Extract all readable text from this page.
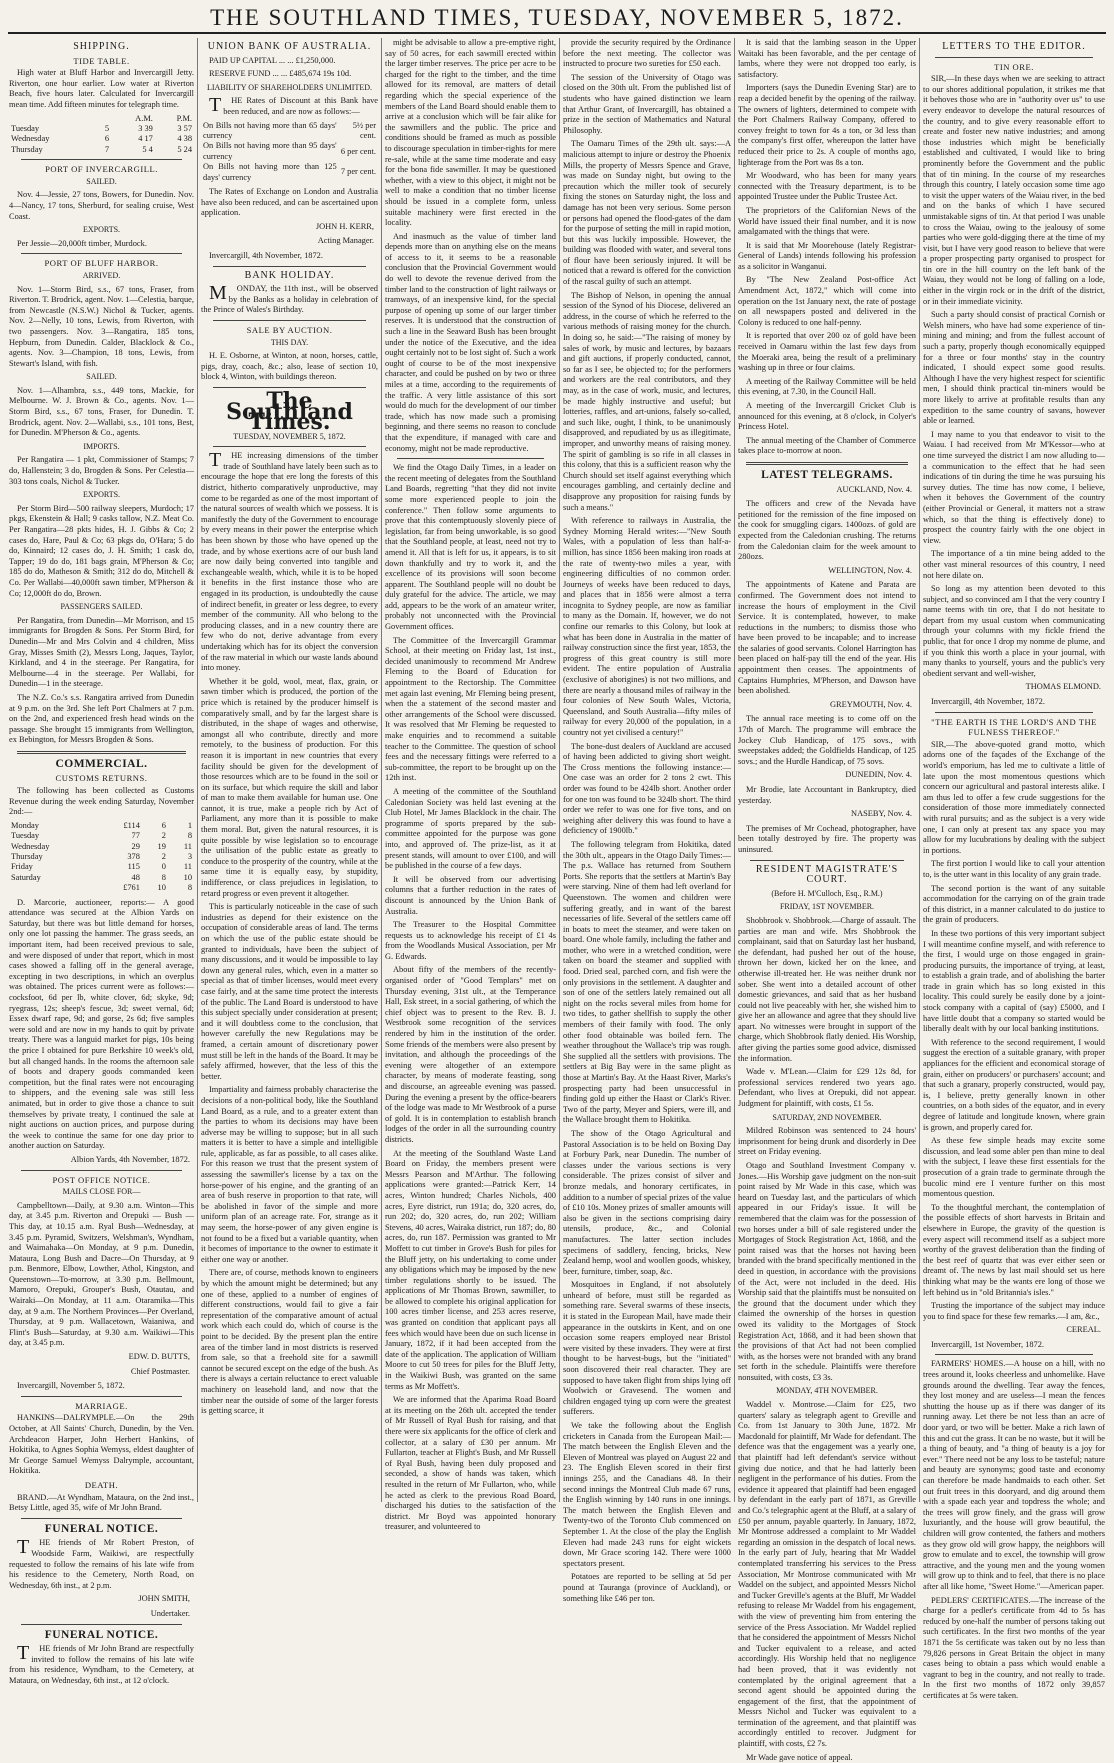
THE SOUTHLAND TIMES, TUESDAY, NOVEMBER 5, 1872.
SHIPPING.
TIDE TABLE.

High water at Bluff Harbor and Invercargill Jetty. Riverton, one hour earlier. Low water at Riverton Beach, five hours later. Calculated for Invercargill mean time. Add fifteen minutes for telegraph time.

		A.M.	P.M.
Tuesday	5	3 39	3 57
Wednesday	6	4 17	4 38
Thursday	7	5 4	5 24
PORT OF INVERCARGILL.
SAILED.

Nov. 4—Jessie, 27 tons, Bowers, for Dunedin. Nov. 4—Nancy, 17 tons, Sherburd, for sealing cruise, West Coast.

EXPORTS.

Per Jessie—20,000ft timber, Murdock.

PORT OF BLUFF HARBOR.
ARRIVED.

Nov. 1—Storm Bird, s.s., 67 tons, Fraser, from Riverton. T. Brodrick, agent. Nov. 1—Celestia, barque, from Newcastle (N.S.W.) Nichol & Tucker, agents. Nov. 2—Nelly, 10 tons, Lewis, from Riverton, with two passengers. Nov. 3—Rangatira, 185 tons, Hepburn, from Dunedin. Calder, Blacklock & Co., agents. Nov. 3—Champion, 18 tons, Lewis, from Stewart's Island, with fish.

SAILED.

Nov. 1—Alhambra, s.s., 449 tons, Mackie, for Melbourne. W. J. Brown & Co., agents. Nov. 1—Storm Bird, s.s., 67 tons, Fraser, for Dunedin. T. Brodrick, agent. Nov. 2—Wallabi, s.s., 101 tons, Best, for Dunedin. M'Pherson & Co., agents.

IMPORTS.

Per Rangatira — 1 pkt, Commissioner of Stamps; 7 do, Hallenstein; 3 do, Brogden & Sons. Per Celestia—303 tons coals, Nichol & Tucker.

EXPORTS.

Per Storm Bird—500 railway sleepers, Murdoch; 17 pkgs, Ekenstein & Hall; 9 casks tallow, N.Z. Meat Co. Per Rangatira—28 pkts hides, H. J. Gibbs & Co; 2 cases do, Hare, Paul & Co; 63 pkgs do, O'Hara; 5 do do, Kinnaird; 12 cases do, J. H. Smith; 1 cask do, Tapper; 19 do do, 181 bags grain, M'Pherson & Co; 185 do do, Matheson & Smith; 312 do do, Mitchell & Co. Per Wallabi—40,000ft sawn timber, M'Pherson & Co; 12,000ft do do, Brown.

PASSENGERS SAILED.

Per Rangatira, from Dunedin—Mr Morrison, and 15 immigrants for Brogden & Sons. Per Storm Bird, for Dunedin—Mr and Mrs Colvin and 4 children, Miss Gray, Misses Smith (2), Messrs Long, Jaques, Taylor, Kirkland, and 4 in the steerage. Per Rangatira, for Melbourne—4 in the steerage. Per Wallabi, for Dunedin—1 in the steerage.

The N.Z. Co.'s s.s. Rangatira arrived from Dunedin at 9 p.m. on the 3rd. She left Port Chalmers at 7 p.m. on the 2nd, and experienced fresh head winds on the passage. She brought 15 immigrants from Wellington, ex Bebington, for Messrs Brogden & Sons.

COMMERCIAL.
CUSTOMS RETURNS.

The following has been collected as Customs Revenue during the week ending Saturday, November 2nd:—

Monday	£114	6	1
Tuesday	77	2	8
Wednesday	29	19	11
Thursday	378	2	3
Friday	115	0	11
Saturday	48	8	10
	£761	10	8

D. Marcorie, auctioneer, reports:— A good attendance was secured at the Albion Yards on Saturday, but there was but little demand for horses, only one lot passing the hammer. The grass seeds, an important item, had been received previous to sale, and were disposed of under that report, which in most cases showed a falling off in the general average, excepting in two descriptions, in which an overplus was obtained. The prices current were as follows:— cocksfoot, 6d per lb, white clover, 6d; skyke, 9d; ryegrass, 12s; sheep's fescue, 3d; sweet vernal, 6d; Essex dwarf rape, 9d; and gorse, 2s 6d; five samples were sold and are now in my hands to quit by private treaty. There was a languid market for pigs, 10s being the price I obtained for pure Berkshire 10 week's old, but all changed hands. In the rooms the afternoon sale of boots and drapery goods commanded keen competition, but the final rates were not encouraging to shippers, and the evening sale was still less animated, but in order to give those a chance to suit themselves by private treaty, I continued the sale at night auctions on auction prices, and purpose during the week to continue the same for one day prior to another auction on Saturday.

Albion Yards, 4th November, 1872.

POST OFFICE NOTICE.
MAILS CLOSE FOR—

Campbelltown—Daily, at 9.30 a.m. Winton—This day, at 3.45 p.m. Riverton and Orepuki — Bush — This day, at 10.15 a.m. Ryal Bush—Wednesday, at 3.45 p.m. Pyramid, Switzers, Welshman's, Wyndham, and Waimahaka—On Monday, at 9 p.m. Dunedin, Mataura, Long Bush and Dacre—On Thursday, at 9 p.m. Benmore, Elbow, Lowther, Athol, Kingston, and Queenstown—To-morrow, at 3.30 p.m. Bellmount, Mamoro, Orepuki, Grouper's Bush, Otautau, and Wairaki—On Monday, at 11 a.m. Otaramika—This day, at 9 a.m. The Northern Provinces—Per Overland, Thursday, at 9 p.m. Wallacetown, Waianiwa, and Flint's Bush—Saturday, at 9.30 a.m. Waikiwi—This day, at 3.45 p.m.

EDW. D. BUTTS,

Chief Postmaster.

Invercargill, November 5, 1872.

MARRIAGE.

HANKINS—DALRYMPLE.—On the 29th October, at All Saints' Church, Dunedin, by the Ven. Archdeacon Harper, John Herbert Hankins, of Hokitika, to Agnes Sophia Wemyss, eldest daughter of Mr George Samuel Wemyss Dalrymple, accountant, Hokitika.

DEATH.

BRAND.—At Wyndham, Mataura, on the 2nd inst., Betsy Little, aged 35, wife of Mr John Brand.

FUNERAL NOTICE.

THE friends of Mr Robert Preston, of Woodside Farm, Waikiwi, are respectfully requested to follow the remains of his late wife from his residence to the Cemetery, North Road, on Wednesday, 6th inst., at 2 p.m.

JOHN SMITH,

Undertaker.

FUNERAL NOTICE.

THE friends of Mr John Brand are respectfully invited to follow the remains of his late wife from his residence, Wyndham, to the Cemetery, at Mataura, on Wednesday, 6th inst., at 12 o'clock.

UNION BANK OF AUSTRALIA.

PAID UP CAPITAL ... ... £1,250,000.

RESERVE FUND ... ... £485,674 19s 10d.

LIABILITY OF SHAREHOLDERS UNLIMITED.

THE Rates of Discount at this Bank have been reduced, and are now as follows:—

On Bills not having more than 65 days' currency	5½ per cent.
On Bills not having more than 95 days' currency	6 per cent.
On Bills not having more than 125 days' currency	7 per cent.

The Rates of Exchange on London and Australia have also been reduced, and can be ascertained upon application.

JOHN H. KERR,

Acting Manager.

Invercargill, 4th November, 1872.

BANK HOLIDAY.

MONDAY, the 11th inst., will be observed by the Banks as a holiday in celebration of the Prince of Wales's Birthday.

SALE BY AUCTION.
THIS DAY.

H. E. Osborne, at Winton, at noon, horses, cattle, pigs, dray, coach, &c.; also, lease of section 10, block 4, Winton, with buildings thereon.

The Southland Times.
TUESDAY, NOVEMBER 5, 1872.

THE increasing dimensions of the timber trade of Southland have lately been such as to encourage the hope that ere long the forests of this district, hitherto comparatively unproductive, may come to be regarded as one of the most important of the natural sources of wealth which we possess. It is manifestly the duty of the Government to encourage by every means in their power the enterprise which has been shown by those who have opened up the trade, and by whose exertions acre of our bush land are now daily being converted into tangible and exchangeable wealth, which, while it is to be hoped it benefits in the first instance those who are engaged in its production, is undoubtedly the cause of indirect benefit, in greater or less degree, to every member of the community. All who belong to the producing classes, and in a new country there are few who do not, derive advantage from every undertaking which has for its object the conversion of the raw material in which our waste lands abound into money.

Whether it be gold, wool, meat, flax, grain, or sawn timber which is produced, the portion of the price which is retained by the producer himself is comparatively small, and by far the largest share is distributed, in the shape of wages and otherwise, amongst all who contribute, directly and more remotely, to the business of production. For this reason it is important in new countries that every facility should be given for the development of those resources which are to be found in the soil or on its surface, but which require the skill and labor of man to make them available for human use. One cannot, it is true, make a people rich by Act of Parliament, any more than it is possible to make them moral. But, given the natural resources, it is quite possible by wise legislation so to encourage the utilisation of the public estate as greatly to conduce to the prosperity of the country, while at the same time it is equally easy, by stupidity, indifference, or class prejudices in legislation, to retard progress or even prevent it altogether.

This is particularly noticeable in the case of such industries as depend for their existence on the occupation of considerable areas of land. The terms on which the use of the public estate should be granted to individuals, have been the subject of many discussions, and it would be impossible to lay down any general rules, which, even in a matter so special as that of timber licenses, would meet every case fairly, and at the same time protect the interests of the public. The Land Board is understood to have this subject specially under consideration at present; and it will doubtless come to the conclusion, that however carefully the new Regulations may be framed, a certain amount of discretionary power must still be left in the hands of the Board. It may be safely affirmed, however, that the less of this the better.

Impartiality and fairness probably characterise the decisions of a non-political body, like the Southland Land Board, as a rule, and to a greater extent than the parties to whom its decisions may have been adverse may be willing to suppose; but in all such matters it is better to have a simple and intelligible rule, applicable, as far as possible, to all cases alike. For this reason we trust that the present system of assessing the sawmiller's license by a tax on the horse-power of his engine, and the granting of an area of bush reserve in proportion to that rate, will be abolished in favor of the simple and more uniform plan of an acreage rate. For, strange as it may seem, the horse-power of any given engine is not found to be a fixed but a variable quantity, when it becomes of importance to the owner to estimate it either one way or another.

There are, of course, methods known to engineers by which the amount might be determined; but any one of these, applied to a number of engines of different constructions, would fail to give a fair representation of the comparative amount of actual work which each could do, which of course is the point to be decided. By the present plan the entire area of the timber land in most districts is reserved from sale, so that a freehold site for a sawmill cannot be secured except on the edge of the bush. As there is always a certain reluctance to erect valuable machinery on leasehold land, and now that the timber near the outside of some of the larger forests is getting scarce, it

might be advisable to allow a pre-emptive right, say of 50 acres, for each sawmill erected within the larger timber reserves. The price per acre to be charged for the right to the timber, and the time allowed for its removal, are matters of detail regarding which the special experience of the members of the Land Board should enable them to arrive at a conclusion which will be fair alike for the sawmillers and the public. The price and conditions should be framed as much as possible to discourage speculation in timber-rights for mere re-sale, while at the same time moderate and easy for the bona fide sawmiller. It may be questioned whether, with a view to this object, it might not be well to make a condition that no timber license should be issued in a complete form, unless suitable machinery were first erected in the locality.

And inasmuch as the value of timber land depends more than on anything else on the means of access to it, it seems to be a reasonable conclusion that the Provincial Government would do well to devote the revenue derived from the timber land to the construction of light railways or tramways, of an inexpensive kind, for the special purpose of opening up some of our larger timber reserves. It is understood that the construction of such a line in the Seaward Bush has been brought under the notice of the Executive, and the idea ought certainly not to be lost sight of. Such a work ought of course to be of the most inexpensive character, and could be pushed on by two or three miles at a time, according to the requirements of the traffic. A very little assistance of this sort would do much for the development of our timber trade, which has now made such a promising beginning, and there seems no reason to conclude that the expenditure, if managed with care and economy, might not be made reproductive.

We find the Otago Daily Times, in a leader on the recent meeting of delegates from the Southland Land Boards, regretting "that they did not invite some more experienced people to join the conference." Then follow some arguments to prove that this contemptuously slovenly piece of legislation, far from being unworkable, is so good that the Southland people, at least, need not try to amend it. All that is left for us, it appears, is to sit down thankfully and try to work it, and the excellence of its provisions will soon become apparent. The Southland people will no doubt be duly grateful for the advice. The article, we may add, appears to be the work of an amateur writer, probably not unconnected with the Provincial Government offices.

The Committee of the Invercargill Grammar School, at their meeting on Friday last, 1st inst., decided unanimously to recommend Mr Andrew Fleming to the Board of Education for appointment to the Rectorship. The Committee met again last evening, Mr Fleming being present, when the a statement of the second master and other arrangements of the School were discussed. It was resolved that Mr Fleming be requested to make enquiries and to recommend a suitable teacher to the Committee. The question of school fees and the necessary fittings were referred to a sub-committee, the report to be brought up on the 12th inst.

A meeting of the committee of the Southland Caledonian Society was held last evening at the Club Hotel, Mr James Blacklock in the chair. The programme of sports prepared by the sub-committee appointed for the purpose was gone into, and approved of. The prize-list, as it at present stands, will amount to over £100, and will be published in the course of a few days.

It will be observed from our advertising columns that a further reduction in the rates of discount is announced by the Union Bank of Australia.

The Treasurer to the Hospital Committee requests us to acknowledge his receipt of £1 4s from the Woodlands Musical Association, per Mr G. Edwards.

About fifty of the members of the recently-organised order of "Good Templars" met on Thursday evening, 31st ult., at the Temperance Hall, Esk street, in a social gathering, of which the chief object was to present to the Rev. B. J. Westbrook some recognition of the services rendered by him in the institution of the order. Some friends of the members were also present by invitation, and although the proceedings of the evening were altogether of an extempore character, by means of moderate feasting, song and discourse, an agreeable evening was passed. During the evening a present by the office-bearers of the lodge was made to Mr Westbrook of a purse of gold. It is in contemplation to establish branch lodges of the order in all the surrounding country districts.

At the meeting of the Southland Waste Land Board on Friday, the members present were Messrs Pearson and M'Arthur. The following applications were granted:—Patrick Kerr, 14 acres, Winton hundred; Charles Nichols, 400 acres, Eyre district, run 191a; do, 320 acres, do, run 202; do, 320 acres, do, run 202; William Stevens, 40 acres, Wairaka district, run 187; do, 80 acres, do, run 187. Permission was granted to Mr Moffett to cut timber in Grove's Bush for piles for the Bluff jetty, on his undertaking to come under any obligations which may be imposed by the new timber regulations shortly to be issued. The applications of Mr Thomas Brown, sawmiller, to be allowed to complete his original application for 100 acres timber license, and 253 acres reserve, was granted on condition that applicant pays all fees which would have been due on such license in January, 1872, if it had been accepted from the date of the application. The application of William Moore to cut 50 trees for piles for the Bluff Jetty, in the Waikiwi Bush, was granted on the same terms as Mr Moffett's.

We are informed that the Aparima Road Board at its meeting on the 26th ult. accepted the tender of Mr Russell of Ryal Bush for raising, and that there were six applicants for the office of clerk and collector, at a salary of £30 per annum. Mr Fullarton, teacher at Flight's Bush, and Mr Russell of Ryal Bush, having been duly proposed and seconded, a show of hands was taken, which resulted in the return of Mr Fullarton, who, while he acted as clerk to the previous Road Board, discharged his duties to the satisfaction of the district. Mr Boyd was appointed honorary treasurer, and volunteered to

provide the security required by the Ordinance before the next meeting. The collector was instructed to procure two sureties for £50 each.

The session of the University of Otago was closed on the 30th ult. From the published list of students who have gained distinction we learn that Arthur Grant, of Invercargill, has obtained a prize in the section of Mathematics and Natural Philosophy.

The Oamaru Times of the 29th ult. says:—A malicious attempt to injure or destroy the Phoenix Mills, the property of Messrs Spence and Grave, was made on Sunday night, but owing to the precaution which the miller took of securely fixing the stones on Saturday night, the loss and damage has not been very serious. Some person or persons had opened the flood-gates of the dam for the purpose of setting the mill in rapid motion, but this was luckily impossible. However, the building was flooded with water, and several tons of flour have been seriously injured. It will be noticed that a reward is offered for the conviction of the rascal guilty of such an attempt.

The Bishop of Nelson, in opening the annual session of the Synod of his Diocese, delivered an address, in the course of which he referred to the various methods of raising money for the church. In doing so, he said:—"The raising of money by sales of work, by music and lectures, by bazaars and gift auctions, if properly conducted, cannot, so far as I see, be objected to; for the performers and workers are the real contributors, and they may, as in the case of work, music, and lectures, be made highly instructive and useful; but lotteries, raffles, and art-unions, falsely so-called, and such like, ought, I think, to be unanimously disapproved, and repudiated by us as illegitimate, improper, and unworthy means of raising money. The spirit of gambling is so rife in all classes in this colony, that this is a sufficient reason why the Church should set itself against everything which encourages gambling, and certainly decline and disapprove any proposition for raising funds by such a means."

With reference to railways in Australia, the Sydney Morning Herald writes:—"New South Wales, with a population of less than half-a-million, has since 1856 been making iron roads at the rate of twenty-two miles a year, with engineering difficulties of no common order. Journeys of weeks have been reduced to days, and places that in 1856 were almost a terra incognita to Sydney people, are now as familiar to many as the Domain. If, however, we do not confine our remarks to this Colony, but look at what has been done in Australia in the matter of railway construction since the first year, 1853, the progress of this great country is still more evident. The entire population of Australia (exclusive of aborigines) is not two millions, and there are nearly a thousand miles of railway in the four colonies of New South Wales, Victoria, Queensland, and South Australia—fifty miles of railway for every 20,000 of the population, in a country not yet civilised a century!"

The bone-dust dealers of Auckland are accused of having been addicted to giving short weight. The Cross mentions the following instance:—One case was an order for 2 tons 2 cwt. This order was found to be 424lb short. Another order for one ton was found to be 324lb short. The third order we refer to was one for five tons, and on weighing after delivery this was found to have a deficiency of 1900lb."

The following telegram from Hokitika, dated the 30th ult., appears in the Otago Daily Times:—The p.s. Wallace has returned from Southern Ports. She reports that the settlers at Martin's Bay were starving. Nine of them had left overland for Queenstown. The women and children were suffering greatly, and in want of the barest necessaries of life. Several of the settlers came off in boats to meet the steamer, and were taken on board. One whole family, including the father and mother, who were in a wretched condition, were taken on board the steamer and supplied with food. Dried seal, parched corn, and fish were the only provisions in the settlement. A daughter and son of one of the settlers lately remained out all night on the rocks several miles from home for two tides, to gather shellfish to supply the other members of their family with food. The only other food obtainable was boiled fern. The weather throughout the Wallace's trip was rough. She supplied all the settlers with provisions. The settlers at Big Bay were in the same plight as those at Martin's Bay. At the Haast River, Marks's prospecting party had been unsuccessful in finding gold up either the Haast or Clark's River. Two of the party, Meyer and Spiers, were ill, and the Wallace brought them to Hokitika.

The show of the Otago Agricultural and Pastoral Association is to be held on Boxing Day at Forbury Park, near Dunedin. The number of classes under the various sections is very considerable. The prizes consist of silver and bronze medals, and honorary certificates, in addition to a number of special prizes of the value of £10 10s. Money prizes of smaller amounts will also be given in the sections comprising dairy utensils, produce, &c., and Colonial manufactures. The latter section includes specimens of saddlery, fencing, bricks, New Zealand hemp, wool and woollen goods, whiskey, beer, furniture, timber, soap, &c.

Mosquitoes in England, if not absolutely unheard of before, must still be regarded as something rare. Several swarms of these insects, it is stated in the European Mail, have made their appearance in the outskirts in Kent, and on one occasion some reapers employed near Bristol were visited by these invaders. They were at first thought to be harvest-bugs, but the "initiated" soon discovered their real character. They are supposed to have taken flight from ships lying off Woolwich or Gravesend. The women and children engaged tying up corn were the greatest sufferers.

We take the following about the English cricketers in Canada from the European Mail:—The match between the English Eleven and the Eleven of Montreal was played on August 22 and 23. The English Eleven scored in their first innings 255, and the Canadians 48. In their second innings the Montreal Club made 67 runs, the English winning by 140 runs in one innings. The match between the English Eleven and Twenty-two of the Toronto Club commenced on September 1. At the close of the play the English Eleven had made 243 runs for eight wickets down, Mr Grace scoring 142. There were 1000 spectators present.

Potatoes are reported to be selling at 5d per pound at Tauranga (province of Auckland), or something like £46 per ton.

It is said that the lambing season in the Upper Waitaki has been favorable, and the per centage of lambs, where they were not dropped too early, is satisfactory.

Importers (says the Dunedin Evening Star) are to reap a decided benefit by the opening of the railway. The owners of lighters, determined to compete with the Port Chalmers Railway Company, offered to convey freight to town for 4s a ton, or 3d less than the company's first offer, whereupon the latter have reduced their price to 2s. A couple of months ago, lighterage from the Port was 8s a ton.

Mr Woodward, who has been for many years connected with the Treasury department, is to be appointed Trustee under the Public Trustee Act.

The proprietors of the Californian News of the World have issued their final number, and it is now amalgamated with the things that were.

It is said that Mr Moorehouse (lately Registrar-General of Lands) intends following his profession as a solicitor in Wanganui.

By "The New Zealand Post-office Act Amendment Act, 1872," which will come into operation on the 1st January next, the rate of postage on all newspapers posted and delivered in the Colony is reduced to one half-penny.

It is reported that over 200 oz of gold have been received in Oamaru within the last few days from the Moeraki area, being the result of a preliminary washing up in three or four claims.

A meeting of the Railway Committee will be held this evening, at 7.30, in the Council Hall.

A meeting of the Invercargill Cricket Club is announced for this evening, at 8 o'clock, in Colyer's Princess Hotel.

The annual meeting of the Chamber of Commerce takes place to-morrow at noon.

LATEST TELEGRAMS.

AUCKLAND, Nov. 4.

The officers and crew of the Nevada have petitioned for the remission of the fine imposed on the cook for smuggling cigars. 1400ozs. of gold are expected from the Caledonian crushing. The returns from the Caledonian claim for the week amount to 280ozs.

WELLINGTON, Nov. 4.

The appointments of Katene and Parata are confirmed. The Government does not intend to increase the hours of employment in the Civil Service. It is contemplated, however, to make reductions in the numbers; to dismiss those who have been proved to be incapable; and to increase the salaries of good servants. Colonel Harrington has been placed on half-pay till the end of the year. His appointment then ceases. The appointments of Captains Humphries, M'Pherson, and Dawson have been abolished.

GREYMOUTH, Nov. 4.

The annual race meeting is to come off on the 17th of March. The programme will embrace the Jockey Club Handicap, of 175 sovs., with sweepstakes added; the Goldfields Handicap, of 125 sovs.; and the Hurdle Handicap, of 75 sovs.

DUNEDIN, Nov. 4.

Mr Brodie, late Accountant in Bankruptcy, died yesterday.

NASEBY, Nov. 4.

The premises of Mr Cochead, photographer, have been totally destroyed by fire. The property was uninsured.

RESIDENT MAGISTRATE'S COURT.
(Before H. M'Culloch, Esq., R.M.)
FRIDAY, 1ST NOVEMBER.

Shobbrook v. Shobbrook.—Charge of assault. The parties are man and wife. Mrs Shobbrook the complainant, said that on Saturday last her husband, the defendant, had pushed her out of the house, thrown her down, kicked her on the knee, and otherwise ill-treated her. He was neither drunk nor sober. She went into a detailed account of other domestic grievances, and said that as her husband could not live peaceably with her, she wished him to give her an allowance and agree that they should live apart. No witnesses were brought in support of the charge, which Shobbrook flatly denied. His Worship, after giving the parties some good advice, dismissed the information.

Wade v. M'Lean.—Claim for £29 12s 8d, for professional services rendered two years ago. Defendant, who lives at Orepuki, did not appear. Judgment for plaintiff, with costs, £1 5s.

SATURDAY, 2ND NOVEMBER.

Mildred Robinson was sentenced to 24 hours' imprisonment for being drunk and disorderly in Dee street on Friday evening.

Otago and Southland Investment Company v. Jones.—His Worship gave judgment on the non-suit point raised by Mr Wade in this case, which was heard on Tuesday last, and the particulars of which appeared in our Friday's issue. It will be remembered that the claim was for the possession of two horses under a bill of sale registered under the Mortgages of Stock Registration Act, 1868, and the point raised was that the horses not having been branded with the brand specifically mentioned in the deed in question, in accordance with the provisions of the Act, were not included in the deed. His Worship said that the plaintiffs must be nonsuited on the ground that the document under which they claimed the ownership of the horses in question owed its validity to the Mortgages of Stock Registration Act, 1868, and it had been shown that the provisions of that Act had not been complied with, as the horses were not branded with any brand set forth in the schedule. Plaintiffs were therefore nonsuited, with costs, £3 3s.

MONDAY, 4TH NOVEMBER.

Waddel v. Montrose.—Claim for £25, two quarters' salary as telegraph agent to Greville and Co. from 1st January to 30th June, 1872. Mr Macdonald for plaintiff, Mr Wade for defendant. The defence was that the engagement was a yearly one, that plaintiff had left defendant's service without giving due notice, and that he had latterly been negligent in the performance of his duties. From the evidence it appeared that plaintiff had been engaged by defendant in the early part of 1871, as Greville and Co.'s telegraphic agent at the Bluff, at a salary of £50 per annum, payable quarterly. In January, 1872, Mr Montrose addressed a complaint to Mr Waddel regarding an omission in the despatch of local news. In the early part of July, hearing that Mr Waddel contemplated transferring his services to the Press Association, Mr Montrose communicated with Mr Waddel on the subject, and appointed Messrs Nichol and Tucker Greville's agents at the Bluff, Mr Waddel refusing to release Mr Waddel from his engagement, with the view of preventing him from entering the service of the Press Association. Mr Waddel replied that he considered the appointment of Messrs Nichol and Tucker equivalent to a release, and acted accordingly. His Worship held that no negligence had been proved, that it was evidently not contemplated by the original agreement that a second agent should be appointed during the engagement of the first, that the appointment of Messrs Nichol and Tucker was equivalent to a termination of the agreement, and that plaintiff was accordingly entitled to recover. Judgment for plaintiff, with costs, £2 7s.

Mr Wade gave notice of appeal.

LETTERS TO THE EDITOR.
TIN ORE.

SIR,—In these days when we are seeking to attract to our shores additional population, it strikes me that it behoves those who are in "authority over us" to use every endeavor to develope the natural resources of the country, and to give every reasonable effort to create and foster new native industries; and among those industries which might be beneficially established and cultivated, I would like to bring prominently before the Government and the public that of tin mining. In the course of my researches through this country, I lately occasion some time ago to visit the upper waters of the Waiau river, in the bed and on the banks of which I have secured unmistakable signs of tin. At that period I was unable to cross the Waiau, owing to the jealousy of some parties who were gold-digging there at the time of my visit, but I have very good reason to believe that were a proper prospecting party organised to prospect for tin ore in the hill country on the left bank of the Waiau, they would not be long of falling on a lode, either in the virgin rock or in the drift of the district, or in their immediate vicinity.

Such a party should consist of practical Cornish or Welsh miners, who have had some experience of tin-mining and mining; and from the fullest account of such a party, properly though economically equipped for a three or four months' stay in the country indicated, I should expect some good results. Although I have the very highest respect for scientific men, I should think practical tin-miners would be more likely to arrive at profitable results than any expedition to the same country of savans, however able or learned.

I may name to you that endeavor to visit to the Waiau. I had received from Mr M'Kessor—who at one time surveyed the district I am now alluding to—a communication to the effect that he had seen indications of tin during the time he was pursuing his survey duties. The time has now come, I believe, when it behoves the Government of the country (either Provincial or General, it matters not a straw which, so that the thing is effectively done) to prospect the country fairly with the one object in view.

The importance of a tin mine being added to the other vast mineral resources of this country, I need not here dilate on.

So long as my attention been devoted to this subject, and so convinced am I that the very country I name teems with tin ore, that I do not hesitate to depart from my usual custom when communicating through your columns with my fickle friend the public, that for once I drop my nomme de plume, and if you think this worth a place in your journal, with many thanks to yourself, yours and the public's very obedient servant and well-wisher,

THOMAS ELMOND.

Invercargill, 4th November, 1872.

"THE EARTH IS THE LORD'S AND THE FULNESS THEREOF."

SIR,—The above-quoted grand motto, which adorns one of the façades of the Exchange of the world's emporium, has led me to cultivate a little of late upon the most momentous questions which concern our agricultural and pastoral interests alike. I am thus led to offer a few crude suggestions for the consideration of those more immediately connected with rural pursuits; and as the subject is a very wide one, I can only at present tax any space you may allow for my lucubrations by dealing with the subject in portions.

The first portion I would like to call your attention to, is the utter want in this locality of any grain trade.

The second portion is the want of any suitable accommodation for the carrying on of the grain trade of this district, in a manner calculated to do justice to the grain of producers.

In these two portions of this very important subject I will meantime confine myself, and with reference to the first, I would urge on those engaged in grain-producing pursuits, the importance of trying, at least, to establish a grain trade, and of abolishing the barter trade in grain which has so long existed in this locality. This could surely be easily done by a joint-stock company with a capital of (say) £5000, and I have little doubt that a company so started would be liberally dealt with by our local banking institutions.

With reference to the second requirement, I would suggest the erection of a suitable granary, with proper appliances for the efficient and economical storage of grain, either on producers' or purchasers' account; and that such a granary, properly constructed, would pay, is, I believe, pretty generally known in other countries, on a both sides of the equator, and in every degree of latitude and longitude known, where grain is grown, and properly cared for.

As these few simple heads may excite some discussion, and lead some abler pen than mine to deal with the subject, I leave these first essentials for the prosecution of a grain trade to germinate through the bucolic mind ere I venture further on this most momentous question.

To the thoughtful merchant, the contemplation of the possible effects of short harvests in Britain and elsewhere in Europe, the gravity of the question is every aspect will recommend itself as a subject more worthy of the gravest deliberation than the finding of the best reef of quartz that was ever either seen or dreamt of. The news by last mail should set us here thinking what may be the wants ere long of those we left behind us in "old Britannia's isles."

Trusting the importance of the subject may induce you to find space for these few remarks.—I am, &c.,

CEREAL.

Invercargill, 1st November, 1872.

FARMERS' HOMES.—A house on a hill, with no trees around it, looks cheerless and unhomelike. Have grounds around the dwelling. Tear away the fences, they lost money and are useless—I mean the fences shutting the house up as if there was danger of its running away. Let there be not less than an acre of door yard, or two will be better. Make a rich lawn of this and cut the grass. It can be no waste, but it will be a thing of beauty, and "a thing of beauty is a joy for ever." There need not be any loss to be tasteful; nature and beauty are synonyms; good taste and economy can therefore be made handmaids to each other. Set out fruit trees in this dooryard, and dig around them with a spade each year and topdress the whole; and the trees will grow finely, and the grass will grow luxuriantly, and the house will grow beautiful, the children will grow contented, the fathers and mothers as they grow old will grow happy, the neighbors will grow to emulate and to excel, the township will grow attractive, and the young men and the young women will grow up to think and to feel, that there is no place after all like home, "Sweet Home."—American paper.

PEDLERS' CERTIFICATES.—The increase of the charge for a pedler's certificate from 4d to 5s has reduced by one-half the number of persons taking out such certificates. In the first two months of the year 1871 the 5s certificate was taken out by no less than 79,826 persons in Great Britain the object in many cases being to obtain a pass which would enable a vagrant to beg in the country, and not really to trade. In the first two months of 1872 only 39,857 certificates at 5s were taken.
